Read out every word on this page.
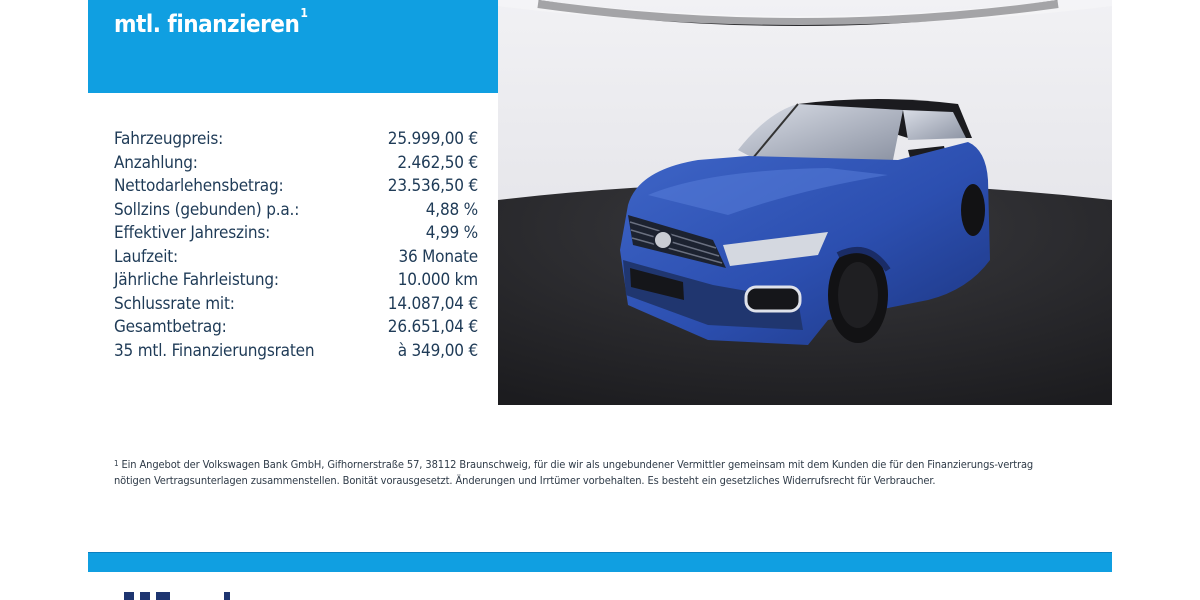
mtl. finanzieren$^1$
Fahrzeugpreis:	25.999,00 €
Anzahlung:	2.462,50 €
Nettodarlehensbetrag:	23.536,50 €
Sollzins (gebunden) p.a.:	4,88 %
Effektiver Jahreszins:	4,99 %
Laufzeit:	36 Monate
Jährliche Fahrleistung:	10.000 km
Schlussrate mit:	14.087,04 €
Gesamtbetrag:	26.651,04 €
35 mtl. Finanzierungsraten	à 349,00 €
$^1$ Ein Angebot der Volkswagen Bank GmbH, Gifhornerstraße 57, 38112 Braunschweig, für die wir als ungebundener Vermittler gemeinsam mit dem Kunden die für den Finanzierungs-vertrag nötigen Vertragsunterlagen zusammenstellen. Bonität vorausgesetzt. Änderungen und Irrtümer vorbehalten. Es besteht ein gesetzliches Widerrufsrecht für Verbraucher.
